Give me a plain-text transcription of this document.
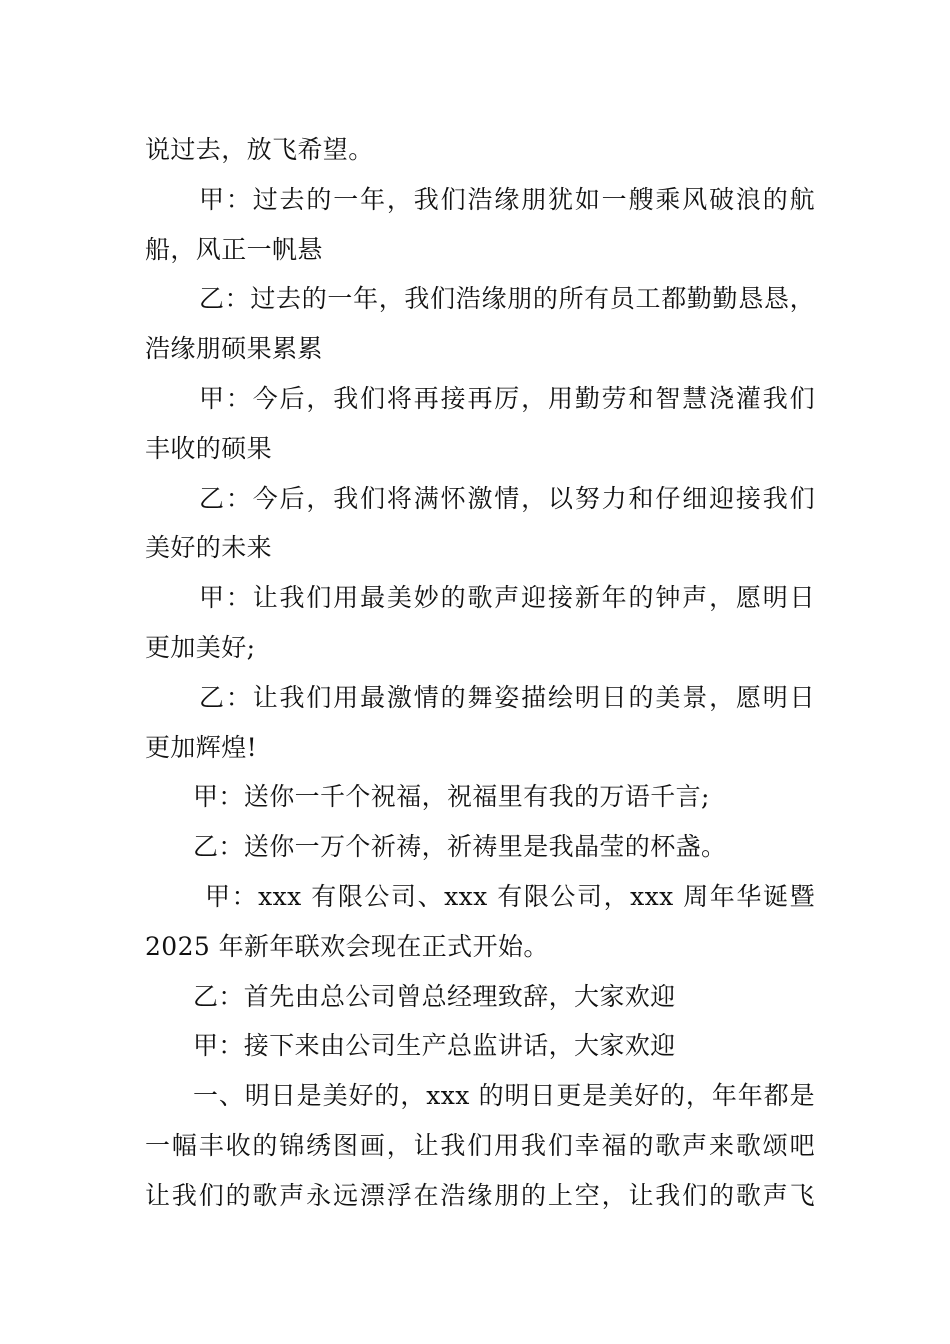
说过去，放飞希望。
甲：过去的一年，我们浩缘朋犹如一艘乘风破浪的航
船，风正一帆悬
乙：过去的一年，我们浩缘朋的所有员工都勤勤恳恳，
浩缘朋硕果累累
甲：今后，我们将再接再厉，用勤劳和智慧浇灌我们
丰收的硕果
乙：今后，我们将满怀激情，以努力和仔细迎接我们
美好的未来
甲：让我们用最美妙的歌声迎接新年的钟声，愿明日
更加美好;
乙：让我们用最激情的舞姿描绘明日的美景，愿明日
更加辉煌!
甲：送你一千个祝福，祝福里有我的万语千言;
乙：送你一万个祈祷，祈祷里是我晶莹的杯盏。
甲：xxx 有限公司、xxx 有限公司，xxx 周年华诞暨
2025 年新年联欢会现在正式开始。
乙：首先由总公司曾总经理致辞，大家欢迎
甲：接下来由公司生产总监讲话，大家欢迎
一、明日是美好的，xxx 的明日更是美好的，年年都是
一幅丰收的锦绣图画，让我们用我们幸福的歌声来歌颂吧
让我们的歌声永远漂浮在浩缘朋的上空，让我们的歌声飞
